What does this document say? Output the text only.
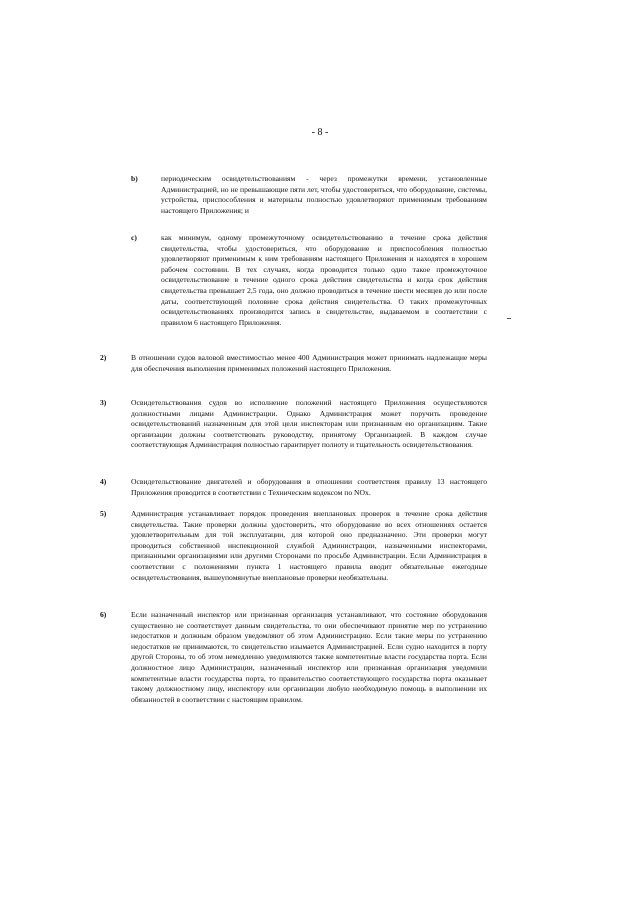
- 8 -
b)	периодическим освидетельствованиям - через промежутки времени, установленные Администрацией, но не превышающие пяти лет, чтобы удостовериться, что оборудование, системы, устройства, приспособления и материалы полностью удовлетворяют применимым требованиям настоящего Приложения; и
c)	как минимум, одному промежуточному освидетельствованию в течение срока действия свидетельства, чтобы удостовериться, что оборудование и приспособления полностью удовлетворяют применимым к ним требованиям настоящего Приложения и находятся в хорошем рабочем состоянии. В тех случаях, когда проводится только одно такое промежуточное освидетельствование в течение одного срока действия свидетельства и когда срок действия свидетельства превышает 2,5 года, оно должно проводиться в течение шести месяцев до или после даты, соответствующей половине срока действия свидетельства. О таких промежуточных освидетельствованиях производится запись в свидетельстве, выдаваемом в соответствии с правилом 6 настоящего Приложения.
2)	В отношении судов валовой вместимостью менее 400 Администрация может принимать надлежащие меры для обеспечения выполнения применимых положений настоящего Приложения.
3)	Освидетельствования судов во исполнение положений настоящего Приложения осуществляются должностными лицами Администрации. Однако Администрация может поручить проведение освидетельствований назначенным для этой цели инспекторам или признанным ею организациям. Такие организации должны соответствовать руководству, принятому Организацией. В каждом случае соответствующая Администрация полностью гарантирует полноту и тщательность освидетельствования.
4)	Освидетельствование двигателей и оборудования в отношении соответствия правилу 13 настоящего Приложения проводится в соответствии с Техническим кодексом по NOx.
5)	Администрация устанавливает порядок проведения внеплановых проверок в течение срока действия свидетельства. Такие проверки должны удостоверить, что оборудование во всех отношениях остается удовлетворительным для той эксплуатации, для которой оно предназначено. Эти проверки могут проводиться собственной инспекционной службой Администрации, назначенными инспекторами, признанными организациями или другими Сторонами по просьбе Администрации. Если Администрация в соответствии с положениями пункта 1 настоящего правила вводит обязательные ежегодные освидетельствования, вышеупомянутые внеплановые проверки необязательны.
6)	Если назначенный инспектор или признанная организация устанавливают, что состояние оборудования существенно не соответствует данным свидетельства, то они обеспечивают принятие мер по устранению недостатков и должным образом уведомляют об этом Администрацию. Если такие меры по устранению недостатков не принимаются, то свидетельство изымается Администрацией. Если судно находится в порту другой Стороны, то об этом немедленно уведомляются также компетентные власти государства порта. Если должностное лицо Администрации, назначенный инспектор или признанная организация уведомили компетентные власти государства порта, то правительство соответствующего государства порта оказывает такому должностному лицу, инспектору или организации любую необходимую помощь в выполнении их обязанностей в соответствии с настоящим правилом.
